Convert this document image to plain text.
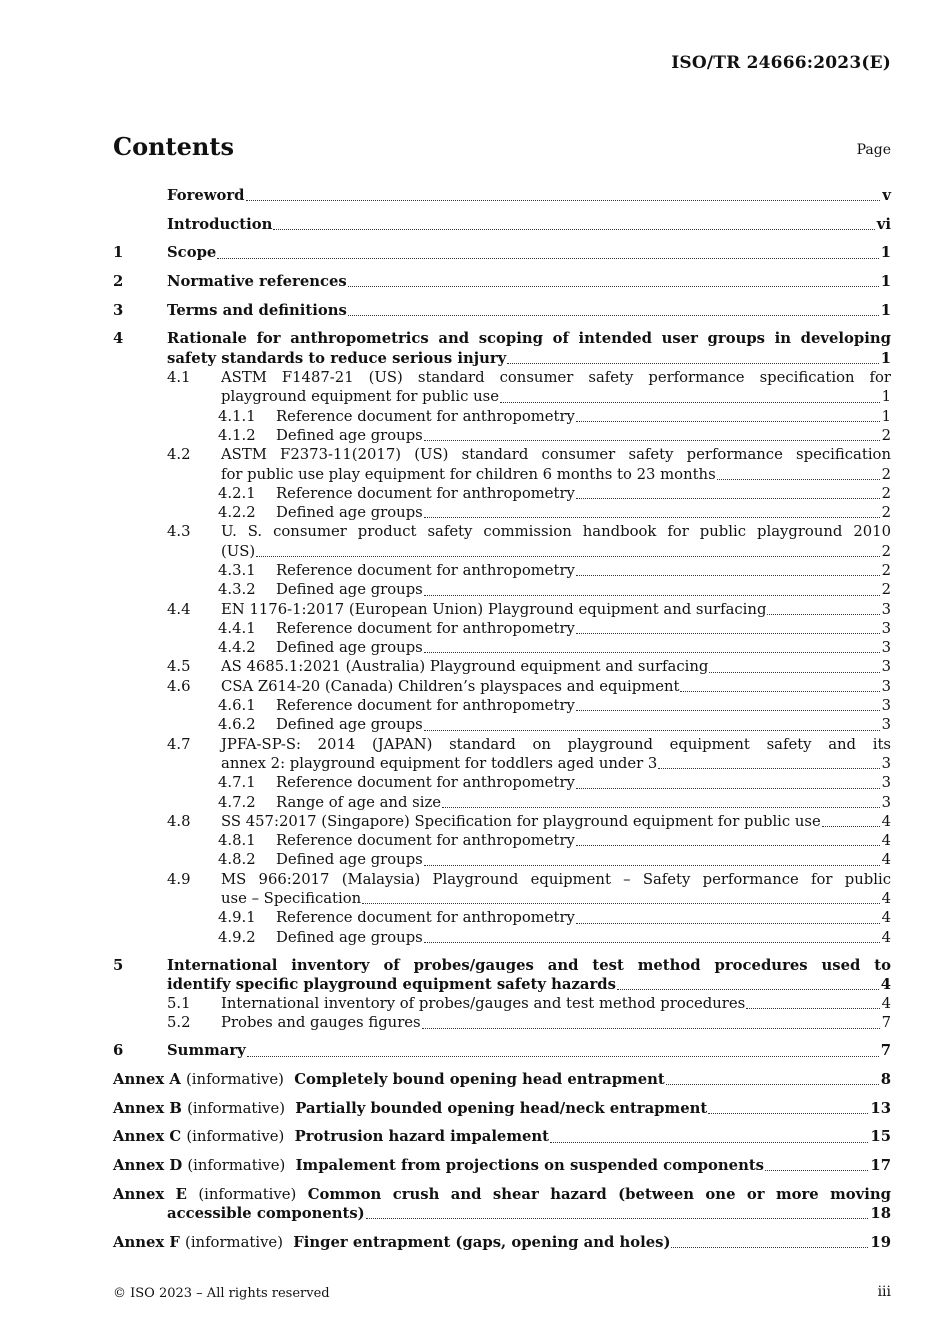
ISO/TR 24666:2023(E)
Contents	Page
Foreword	v
Introduction	vi
1	Scope	1
2	Normative references	1
3	Terms and definitions	1
4	Rationale for anthropometrics and scoping of intended user groups in developing
safety standards to reduce serious injury	1
4.1	ASTM F1487-21 (US) standard consumer safety performance specification for
playground equipment for public use	1
4.1.1	Reference document for anthropometry	1
4.1.2	Defined age groups	2
4.2	ASTM F2373-11(2017) (US) standard consumer safety performance specification
for public use play equipment for children 6 months to 23 months	2
4.2.1	Reference document for anthropometry	2
4.2.2	Defined age groups	2
4.3	U. S. consumer product safety commission handbook for public playground 2010
(US)	2
4.3.1	Reference document for anthropometry	2
4.3.2	Defined age groups	2
4.4	EN 1176-1:2017 (European Union) Playground equipment and surfacing	3
4.4.1	Reference document for anthropometry	3
4.4.2	Defined age groups	3
4.5	AS 4685.1:2021 (Australia) Playground equipment and surfacing	3
4.6	CSA Z614-20 (Canada) Children’s playspaces and equipment	3
4.6.1	Reference document for anthropometry	3
4.6.2	Defined age groups	3
4.7	JPFA-SP-S: 2014 (JAPAN) standard on playground equipment safety and its
annex 2: playground equipment for toddlers aged under 3	3
4.7.1	Reference document for anthropometry	3
4.7.2	Range of age and size	3
4.8	SS 457:2017 (Singapore) Specification for playground equipment for public use	4
4.8.1	Reference document for anthropometry	4
4.8.2	Defined age groups	4
4.9	MS 966:2017 (Malaysia) Playground equipment – Safety performance for public
use – Specification	4
4.9.1	Reference document for anthropometry	4
4.9.2	Defined age groups	4
5	International inventory of probes/gauges and test method procedures used to
identify specific playground equipment safety hazards	4
5.1	International inventory of probes/gauges and test method procedures	4
5.2	Probes and gauges figures	7
6	Summary	7
Annex A (informative) Completely bound opening head entrapment	8
Annex B (informative) Partially bounded opening head/neck entrapment	13
Annex C (informative) Protrusion hazard impalement	15
Annex D (informative) Impalement from projections on suspended components	17
Annex E (informative) Common crush and shear hazard (between one or more moving
accessible components)	18
Annex F (informative) Finger entrapment (gaps, opening and holes)	19
© ISO 2023 – All rights reserved	iii
